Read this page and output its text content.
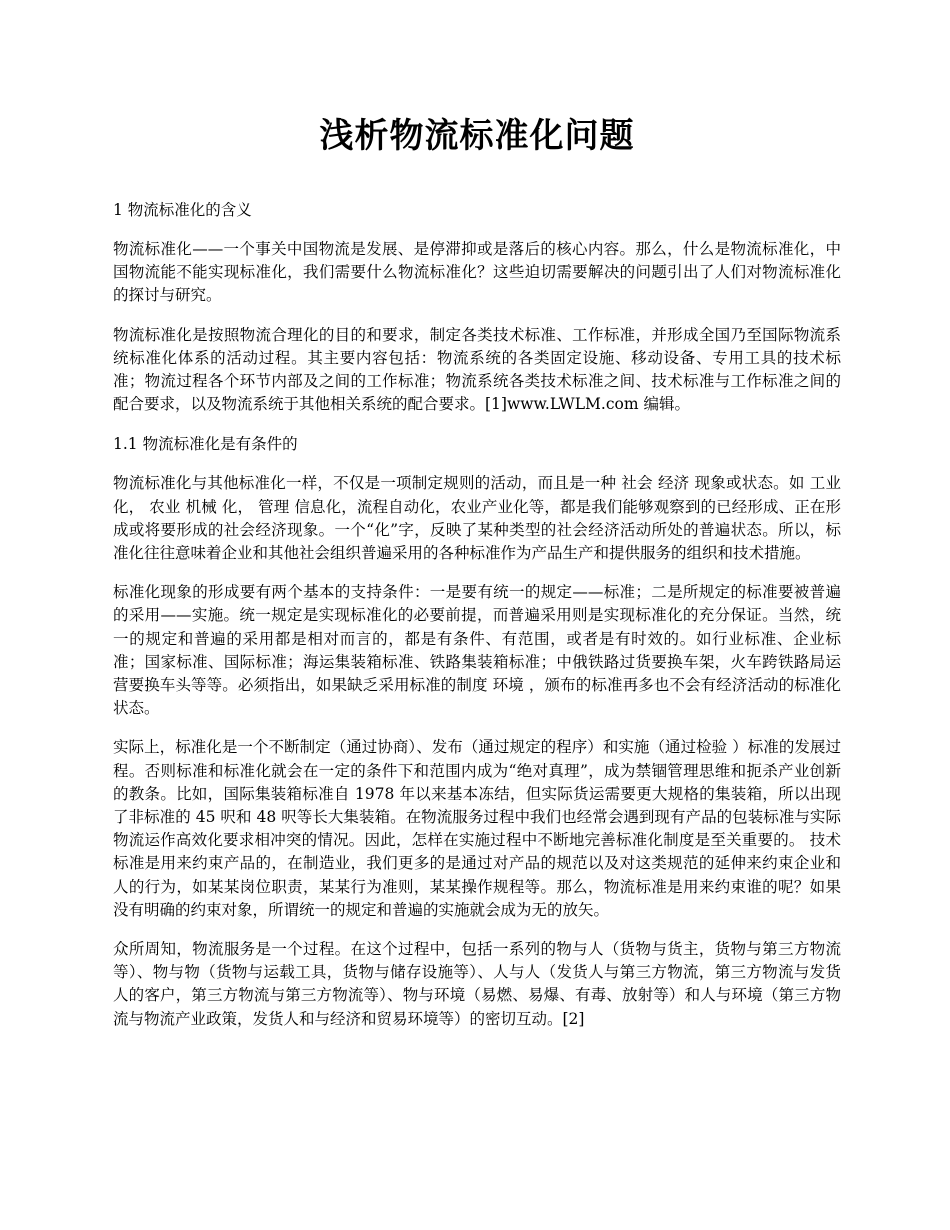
浅析物流标准化问题

1 物流标准化的含义

物流标准化——一个事关中国物流是发展、是停滞抑或是落后的核心内容。那么，什么是物流标准化，中国物流能不能实现标准化，我们需要什么物流标准化？这些迫切需要解决的问题引出了人们对物流标准化的探讨与研究。

物流标准化是按照物流合理化的目的和要求，制定各类技术标准、工作标准，并形成全国乃至国际物流系统标准化体系的活动过程。其主要内容包括：物流系统的各类固定设施、移动设备、专用工具的技术标准；物流过程各个环节内部及之间的工作标准；物流系统各类技术标准之间、技术标准与工作标准之间的配合要求，以及物流系统于其他相关系统的配合要求。[1]www.LWLM.com 编辑。

1.1 物流标准化是有条件的

物流标准化与其他标准化一样，不仅是一项制定规则的活动，而且是一种 社会 经济 现象或状态。如 工业 化， 农业 机械 化， 管理 信息化，流程自动化，农业产业化等，都是我们能够观察到的已经形成、正在形成或将要形成的社会经济现象。一个“化”字，反映了某种类型的社会经济活动所处的普遍状态。所以，标准化往往意味着企业和其他社会组织普遍采用的各种标准作为产品生产和提供服务的组织和技术措施。

标准化现象的形成要有两个基本的支持条件：一是要有统一的规定——标准；二是所规定的标准要被普遍的采用——实施。统一规定是实现标准化的必要前提，而普遍采用则是实现标准化的充分保证。当然，统一的规定和普遍的采用都是相对而言的，都是有条件、有范围，或者是有时效的。如行业标准、企业标准；国家标准、国际标准；海运集装箱标准、铁路集装箱标准；中俄铁路过货要换车架，火车跨铁路局运营要换车头等等。必须指出，如果缺乏采用标准的制度 环境 ，颁布的标准再多也不会有经济活动的标准化状态。

实际上，标准化是一个不断制定（通过协商）、发布（通过规定的程序）和实施（通过检验 ）标准的发展过程。否则标准和标准化就会在一定的条件下和范围内成为“绝对真理”，成为禁锢管理思维和扼杀产业创新的教条。比如，国际集装箱标准自 1978 年以来基本冻结，但实际货运需要更大规格的集装箱，所以出现了非标准的 45 呎和 48 呎等长大集装箱。在物流服务过程中我们也经常会遇到现有产品的包装标准与实际物流运作高效化要求相冲突的情况。因此，怎样在实施过程中不断地完善标准化制度是至关重要的。 技术标准是用来约束产品的，在制造业，我们更多的是通过对产品的规范以及对这类规范的延伸来约束企业和人的行为，如某某岗位职责，某某行为准则，某某操作规程等。那么，物流标准是用来约束谁的呢？如果没有明确的约束对象，所谓统一的规定和普遍的实施就会成为无的放矢。

众所周知，物流服务是一个过程。在这个过程中，包括一系列的物与人（货物与货主，货物与第三方物流等）、物与物（货物与运载工具，货物与储存设施等）、人与人（发货人与第三方物流，第三方物流与发货人的客户，第三方物流与第三方物流等）、物与环境（易燃、易爆、有毒、放射等）和人与环境（第三方物流与物流产业政策，发货人和与经济和贸易环境等）的密切互动。[2]
